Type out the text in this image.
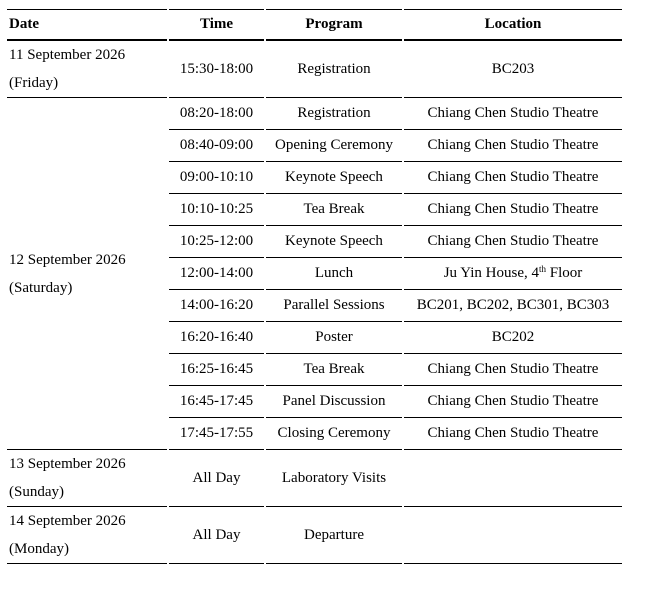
Date	Time	Program	Location

11 September 2026
(Friday)	15:30-18:00	Registration	BC203

12 September 2026
(Saturday)	08:20-18:00	Registration	Chiang Chen Studio Theatre
	08:40-09:00	Opening Ceremony	Chiang Chen Studio Theatre
	09:00-10:10	Keynote Speech	Chiang Chen Studio Theatre
	10:10-10:25	Tea Break	Chiang Chen Studio Theatre
	10:25-12:00	Keynote Speech	Chiang Chen Studio Theatre
	12:00-14:00	Lunch	Ju Yin House, 4th Floor
	14:00-16:20	Parallel Sessions	BC201, BC202, BC301, BC303
	16:20-16:40	Poster	BC202
	16:25-16:45	Tea Break	Chiang Chen Studio Theatre
	16:45-17:45	Panel Discussion	Chiang Chen Studio Theatre
	17:45-17:55	Closing Ceremony	Chiang Chen Studio Theatre

13 September 2026
(Sunday)	All Day	Laboratory Visits	

14 September 2026
(Monday)	All Day	Departure	
